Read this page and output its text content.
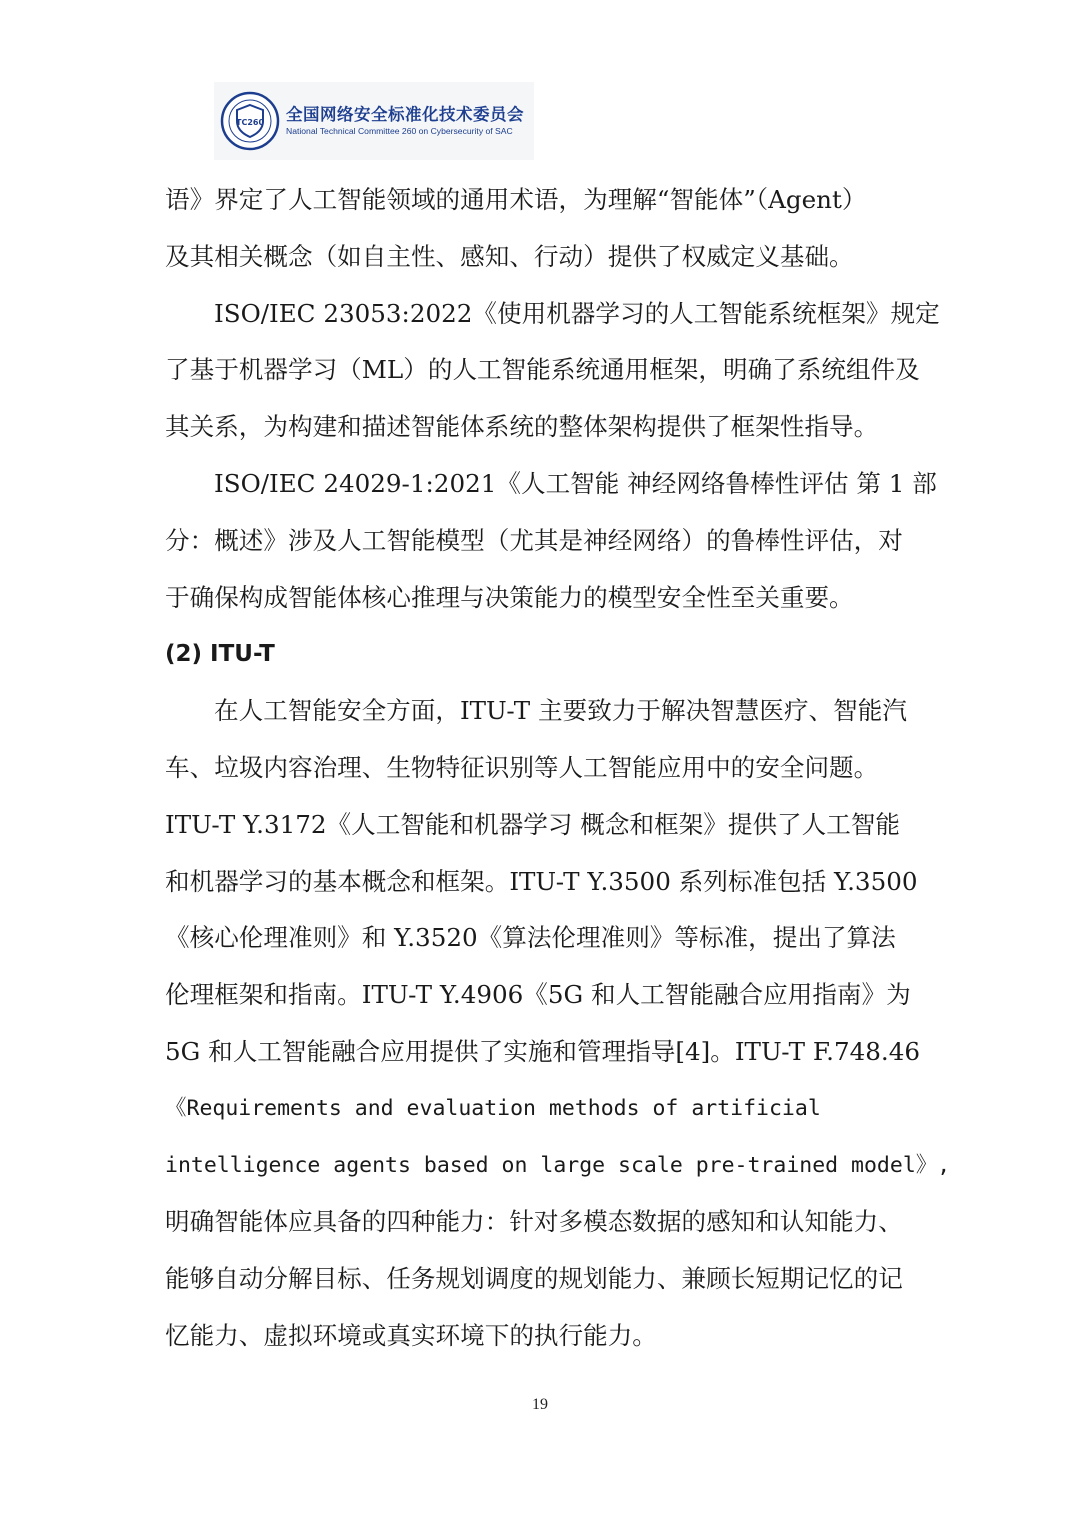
TC260 全国网络安全标准化技术委员会
National Technical Committee 260 on Cybersecurity of SAC
语》界定了人工智能领域的通用术语，为理解“智能体”（Agent）
及其相关概念（如自主性、感知、行动）提供了权威定义基础。
ISO/IEC 23053:2022《使用机器学习的人工智能系统框架》规定
了基于机器学习（ML）的人工智能系统通用框架，明确了系统组件及
其关系，为构建和描述智能体系统的整体架构提供了框架性指导。
ISO/IEC 24029-1:2021《人工智能 神经网络鲁棒性评估 第 1 部
分：概述》涉及人工智能模型（尤其是神经网络）的鲁棒性评估，对
于确保构成智能体核心推理与决策能力的模型安全性至关重要。
(2) ITU-T
在人工智能安全方面，ITU-T 主要致力于解决智慧医疗、智能汽
车、垃圾内容治理、生物特征识别等人工智能应用中的安全问题。
ITU-T Y.3172《人工智能和机器学习 概念和框架》提供了人工智能
和机器学习的基本概念和框架。ITU-T Y.3500 系列标准包括 Y.3500
《核心伦理准则》和 Y.3520《算法伦理准则》等标准，提出了算法
伦理框架和指南。ITU-T Y.4906《5G 和人工智能融合应用指南》为
5G 和人工智能融合应用提供了实施和管理指导[4]。ITU-T F.748.46
《Requirements and evaluation methods of artificial
intelligence agents based on large scale pre-trained model》,
明确智能体应具备的四种能力：针对多模态数据的感知和认知能力、
能够自动分解目标、任务规划调度的规划能力、兼顾长短期记忆的记
忆能力、虚拟环境或真实环境下的执行能力。
19
